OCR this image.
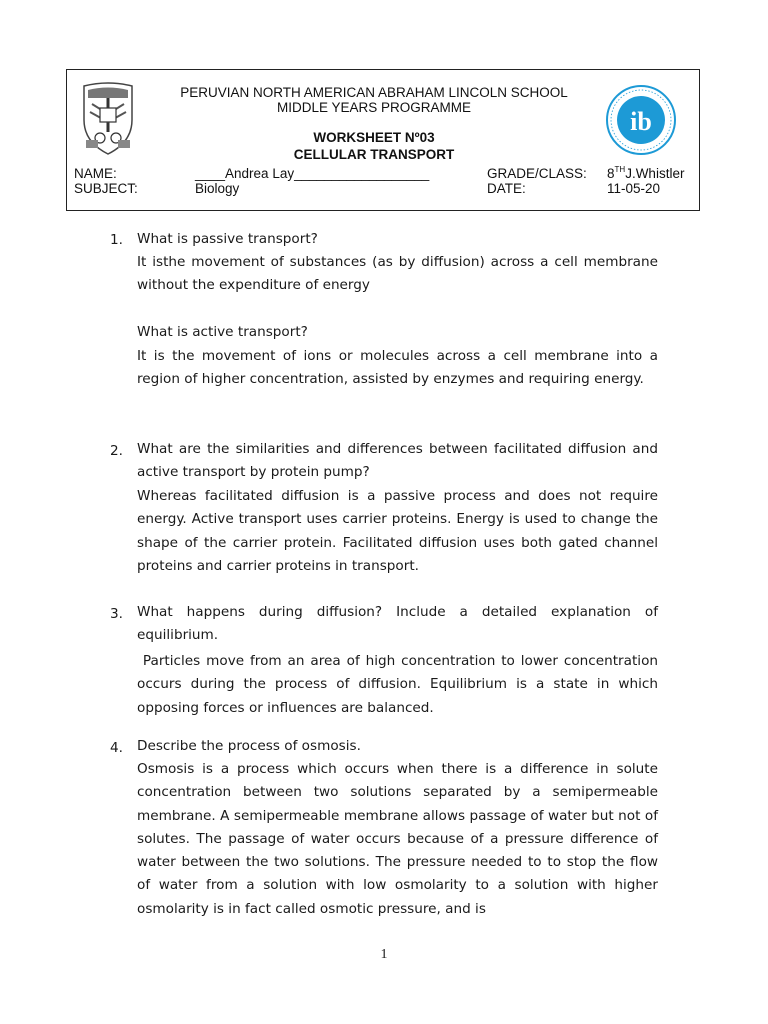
PERUVIAN NORTH AMERICAN ABRAHAM LINCOLN SCHOOL
MIDDLE YEARS PROGRAMME
WORKSHEET Nº03
CELLULAR TRANSPORT
NAME:	____Andrea Lay__________________	GRADE/CLASS: 8THJ.Whistler
SUBJECT:	Biology	DATE:	11-05-20
ib
1. What is passive transport?

It isthe movement of substances (as by diffusion) across a cell membrane without the expenditure of energy

What is active transport?

It is the movement of ions or molecules across a cell membrane into a region of higher concentration, assisted by enzymes and requiring energy.

2. What are the similarities and differences between facilitated diffusion and active transport by protein pump?

Whereas facilitated diffusion is a passive process and does not require energy. Active transport uses carrier proteins. Energy is used to change the shape of the carrier protein. Facilitated diffusion uses both gated channel proteins and carrier proteins in transport.

3. What happens during diffusion? Include a detailed explanation of equilibrium.

Particles move from an area of high concentration to lower concentration occurs during the process of diffusion. Equilibrium is a state in which opposing forces or influences are balanced.

4. Describe the process of osmosis.

Osmosis is a process which occurs when there is a difference in solute concentration between two solutions separated by a semipermeable membrane. A semipermeable membrane allows passage of water but not of solutes. The passage of water occurs because of a pressure difference of water between the two solutions. The pressure needed to to stop the flow of water from a solution with low osmolarity to a solution with higher osmolarity is in fact called osmotic pressure, and is

1
